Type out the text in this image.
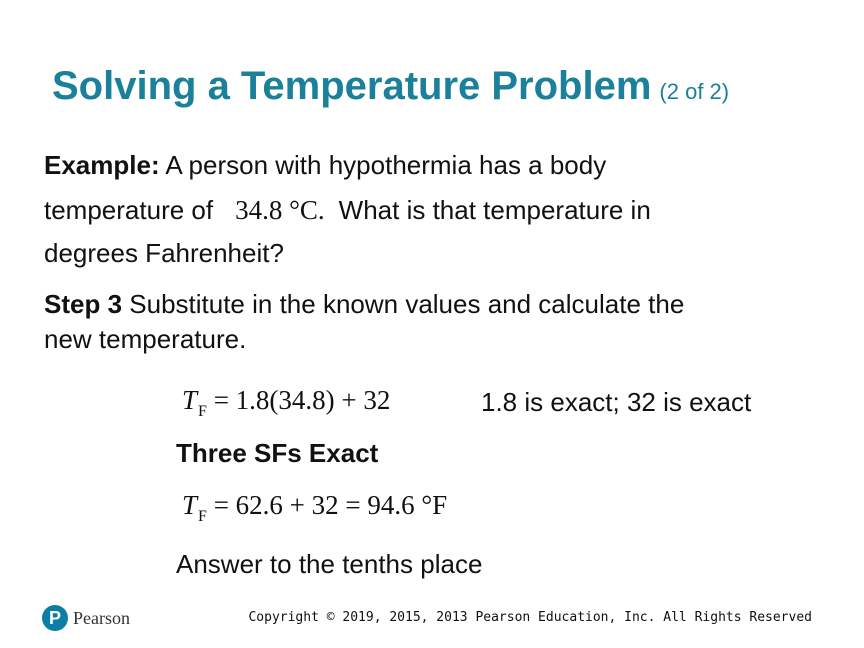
Solving a Temperature Problem (2 of 2)
Example: A person with hypothermia has a body
temperature of 34.8 °C. What is that temperature in
degrees Fahrenheit?
Step 3 Substitute in the known values and calculate the
new temperature.
$T_F = 1.8(34.8) + 32$	1.8 is exact; 32 is exact
Three SFs Exact
$T_F = 62.6 + 32 = 94.6$ °F
Answer to the tenths place
P Pearson	Copyright © 2019, 2015, 2013 Pearson Education, Inc. All Rights Reserved
